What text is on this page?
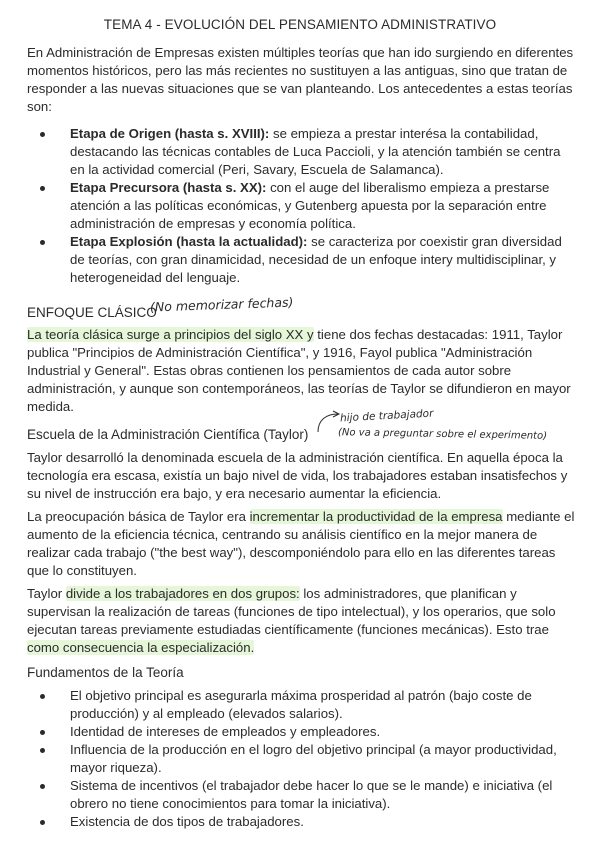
TEMA 4 - EVOLUCIÓN DEL PENSAMIENTO ADMINISTRATIVO

En Administración de Empresas existen múltiples teorías que han ido surgiendo en diferentes momentos históricos, pero las más recientes no sustituyen a las antiguas, sino que tratan de responder a las nuevas situaciones que se van planteando. Los antecedentes a estas teorías son:

Etapa de Origen (hasta s. XVIII): se empieza a prestar interésa la contabilidad, destacando las técnicas contables de Luca Paccioli, y la atención también se centra en la actividad comercial (Peri, Savary, Escuela de Salamanca).
Etapa Precursora (hasta s. XX): con el auge del liberalismo empieza a prestarse atención a las políticas económicas, y Gutenberg apuesta por la separación entre administración de empresas y economía política.
Etapa Explosión (hasta la actualidad): se caracteriza por coexistir gran diversidad de teorías, con gran dinamicidad, necesidad de un enfoque intery multidisciplinar, y heterogeneidad del lenguaje.
ENFOQUE CLÁSICO
(No memorizar fechas)

La teoría clásica surge a principios del siglo XX y tiene dos fechas destacadas: 1911, Taylor publica "Principios de Administración Científica", y 1916, Fayol publica "Administración Industrial y General". Estas obras contienen los pensamientos de cada autor sobre administración, y aunque son contemporáneos, las teorías de Taylor se difundieron en mayor medida.

Escuela de la Administración Científica (Taylor)
hijo de trabajador
(No va a preguntar sobre el experimento)

Taylor desarrolló la denominada escuela de la administración científica. En aquella época la tecnología era escasa, existía un bajo nivel de vida, los trabajadores estaban insatisfechos y su nivel de instrucción era bajo, y era necesario aumentar la eficiencia.

La preocupación básica de Taylor era incrementar la productividad de la empresa mediante el aumento de la eficiencia técnica, centrando su análisis científico en la mejor manera de realizar cada trabajo ("the best way"), descomponiéndolo para ello en las diferentes tareas que lo constituyen.

Taylor divide a los trabajadores en dos grupos: los administradores, que planifican y supervisan la realización de tareas (funciones de tipo intelectual), y los operarios, que solo ejecutan tareas previamente estudiadas científicamente (funciones mecánicas). Esto trae como consecuencia la especialización.

Fundamentos de la Teoría
El objetivo principal es asegurarla máxima prosperidad al patrón (bajo coste de producción) y al empleado (elevados salarios).
Identidad de intereses de empleados y empleadores.
Influencia de la producción en el logro del objetivo principal (a mayor productividad, mayor riqueza).
Sistema de incentivos (el trabajador debe hacer lo que se le mande) e iniciativa (el obrero no tiene conocimientos para tomar la iniciativa).
Existencia de dos tipos de trabajadores.
